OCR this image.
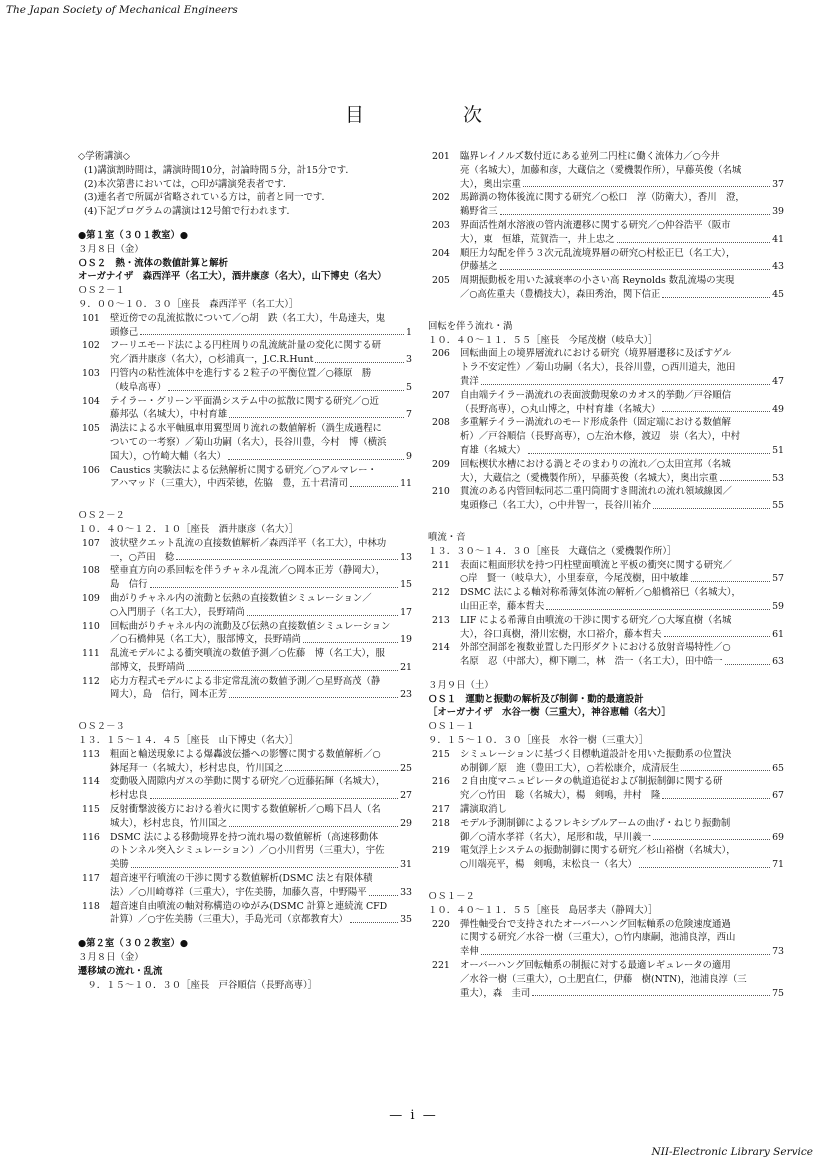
The Japan Society of Mechanical Engineers
目　次
◇学術講演◇
(1)講演割時間は，講演時間10分，討論時間５分，計15分です．
(2)本次第書においては，○印が講演発表者です．
(3)連名者で所属が省略されている方は，前者と同一です．
(4)下記プログラムの講演は12号館で行われます．
●第１室（３０１教室）●
３月８日（金）
ＯＳ２　熱・流体の数値計算と解析
オーガナイザ　森西洋平（名工大），酒井康彦（名大），山下博史（名大）
ＯＳ２－１
９．００～１０．３０［座長　森西洋平（名工大）］
101	壁近傍での乱流拡散について／○胡　跌（名工大），牛島達夫，鬼
頭修己	1
102	フーリエモード法による円柱周りの乱流統計量の変化に関する研
究／酒井康彦（名大），○杉浦真一，J.C.R.Hunt	3
103	円管内の粘性流体中を進行する２粒子の平衡位置／○篠原　勝
（岐阜高専）	5
104	テイラー・グリーン平面渦システム中の拡散に関する研究／○近
藤邦弘（名城大），中村育雄	7
105	渦法による水平軸風車用翼型周り流れの数値解析（渦生成過程に
ついての一考察）／菊山功嗣（名大），長谷川豊，今村　博（横浜
国大），○竹崎大輔（名大）	9
106	Caustics 実験法による伝熱解析に関する研究／○アルマレー・
アハマッド（三重大），中西荣徳，佐脇　豊，五十君清司	11
ＯＳ２－２
１０．４０～１２．１０［座長　酒井康彦（名大）］
107	波状壁クエット乱流の直接数値解析／森西洋平（名工大），中林功
一，○芦田　稔	13
108	壁垂直方向の系回転を伴うチャネル乱流／○岡本正芳（静岡大），
島　信行	15
109	曲がりチャネル内の流動と伝熱の直接数値シミュレーション／
○入門朋子（名工大），長野靖尚	17
110	回転曲がりチャネル内の流動及び伝熱の直接数値シミュレーション
／○石橋伸晃（名工大），服部博文，長野靖尚	19
111	乱流モデルによる衝突噴流の数値予測／○佐藤　博（名工大），服
部博文，長野靖尚	21
112	応力方程式モデルによる非定常乱流の数値予測／○星野高茂（静
岡大），島　信行，岡本正芳	23
ＯＳ２－３
１３．１５～１４．４５［座長　山下博史（名大）］
113	粗面と輸送現象による爆轟波伝播への影響に関する数値解析／○
鉢尾拜一（名城大），杉村忠良，竹川国之	25
114	変動吸入間隙内ガスの挙動に関する研究／○近藤拓輝（名城大），
杉村忠良	27
115	反射衝撃波後方における着火に関する数値解析／○鴫下昌人（名
城大），杉村忠良，竹川国之	29
116	DSMC 法による移動境界を持つ流れ場の数値解析（高速移動体
のトンネル突入シミュレーション）／○小川哲男（三重大），宇佐
美勝	31
117	超音速平行噴流の干渉に関する数値解析(DSMC 法と有限体積
法）／○川崎尊祥（三重大），宇佐美勝，加藤久喜，中野陽平	33
118	超音速自由噴流の軸対称構造のゆがみ(DSMC 計算と連続流 CFD
計算）／○宇佐美勝（三重大），手島光司（京都教育大）	35
●第２室（３０２教室）●
３月８日（金）
遷移域の流れ・乱流
　９．１５～１０．３０［座長　戸谷順信（長野高専）］
201	臨界レイノルズ数付近にある並列二円柱に働く流体力／○今井
亮（名城大），加藤和彦，大蔵信之（愛機製作所），早藤英俊（名城
大），奥出宗重	37
202	馬蹄渦の物体後流に関する研究／○松口　淳（防衛大），香川　澄，
鵜野省三	39
203	界面活性剤水溶液の管内流遷移に関する研究／○仲谷浩平（阪市
大），東　恒雄，荒賀浩一，井上忠之	41
204	順圧力勾配を伴う３次元乱流境界層の研究○村松正巳（名工大），
伊藤基之	43
205	周期振動板を用いた減衰率の小さい高 Reynolds 数乱流場の実現
／○高佐重夫（豊橋技大），森田秀治，関下信正	45
回転を伴う流れ・渦
１０．４０～１１．５５［座長　今尾茂樹（岐阜大）］
206	回転曲面上の境界層流れにおける研究（境界層遷移に及ぼすゲル
トラ不安定性）／菊山功嗣（名大），長谷川豊，○西川道夫，池田
貴洋	47
207	自由端テイラー渦流れの表面波動現象のカオス的挙動／戸谷順信
（長野高専），○丸山博之，中村育雄（名城大）	49
208	多重解テイラー渦流れのモード形成条件（固定端における数値解
析）／戸谷順信（長野高専），○左治木修，渡辺　崇（名大），中村
育雄（名城大）	51
209	回転楔状水槽における渦とそのまわりの流れ／○太田宣邦（名城
大），大蔵信之（愛機製作所），早藤英俊（名城大），奥出宗重	53
210	貫流のある内管回転同芯二重円筒間すき間流れの流れ領域線図／
鬼頭修己（名工大），○中井智一，長谷川祐介	55
噴流・音
１３．３０～１４．３０［座長　大蔵信之（愛機製作所）］
211	表面に粗面形状を持つ円柱壁面噴流と平板の衝突に関する研究／
○岸　賢一（岐阜大），小里泰章，今尾茂樹，田中敏雄	57
212	DSMC 法による軸対称希薄気体流の解析／○船橋裕巳（名城大），
山田正幸，藤本哲夫	59
213	LIF による希薄自由噴流の干渉に関する研究／○大塚直樹（名城
大），谷口真樹，滑川宏樹，水口裕介，藤本哲夫	61
214	外部空洞部を複数並置した円形ダクトにおける放射音場特性／○
名原　忍（中部大），柳下剛二，林　浩一（名工大），田中皓一	63
３月９日（土）
ＯＳ１　運動と振動の解析及び制御・動的最適設計
［オーガナイザ　水谷一樹（三重大），神谷恵輔（名大）］
ＯＳ１－１
９．１５～１０．３０［座長　水谷一樹（三重大）］
215	シミュレーションに基づく目標軌道設計を用いた振動系の位置決
め制御／原　進（豊田工大），○若松康介，成清辰生	65
216	２自由度マニュピレータの軌道追従および制振制御に関する研
究／○竹田　聡（名城大），楊　剣鳴，井村　隆	67
217	講演取消し
218	モデル予測制御によるフレキシブルアームの曲げ・ねじり振動制
御／○清水孝祥（名大），尾形和哉，早川義一	69
219	電気浮上システムの振動制御に関する研究／杉山裕樹（名城大），
○川端亮平，楊　剣鳴，末松良一（名大）	71
ＯＳ１－２
１０．４０～１１．５５［座長　島居孝夫（静岡大）］
220	弾性軸受台で支持されたオーバーハング回転軸系の危険速度通過
に関する研究／水谷一樹（三重大），○竹内康嗣，池浦良淳，西山
幸伸	73
221	オーバーハング回転軸系の制振に対する最適レギュレータの適用
／水谷一樹（三重大），○土肥直仁，伊藤　樹(NTN)，池浦良淳（三
重大），森　圭司	75
— i —
NII-Electronic Library Service
